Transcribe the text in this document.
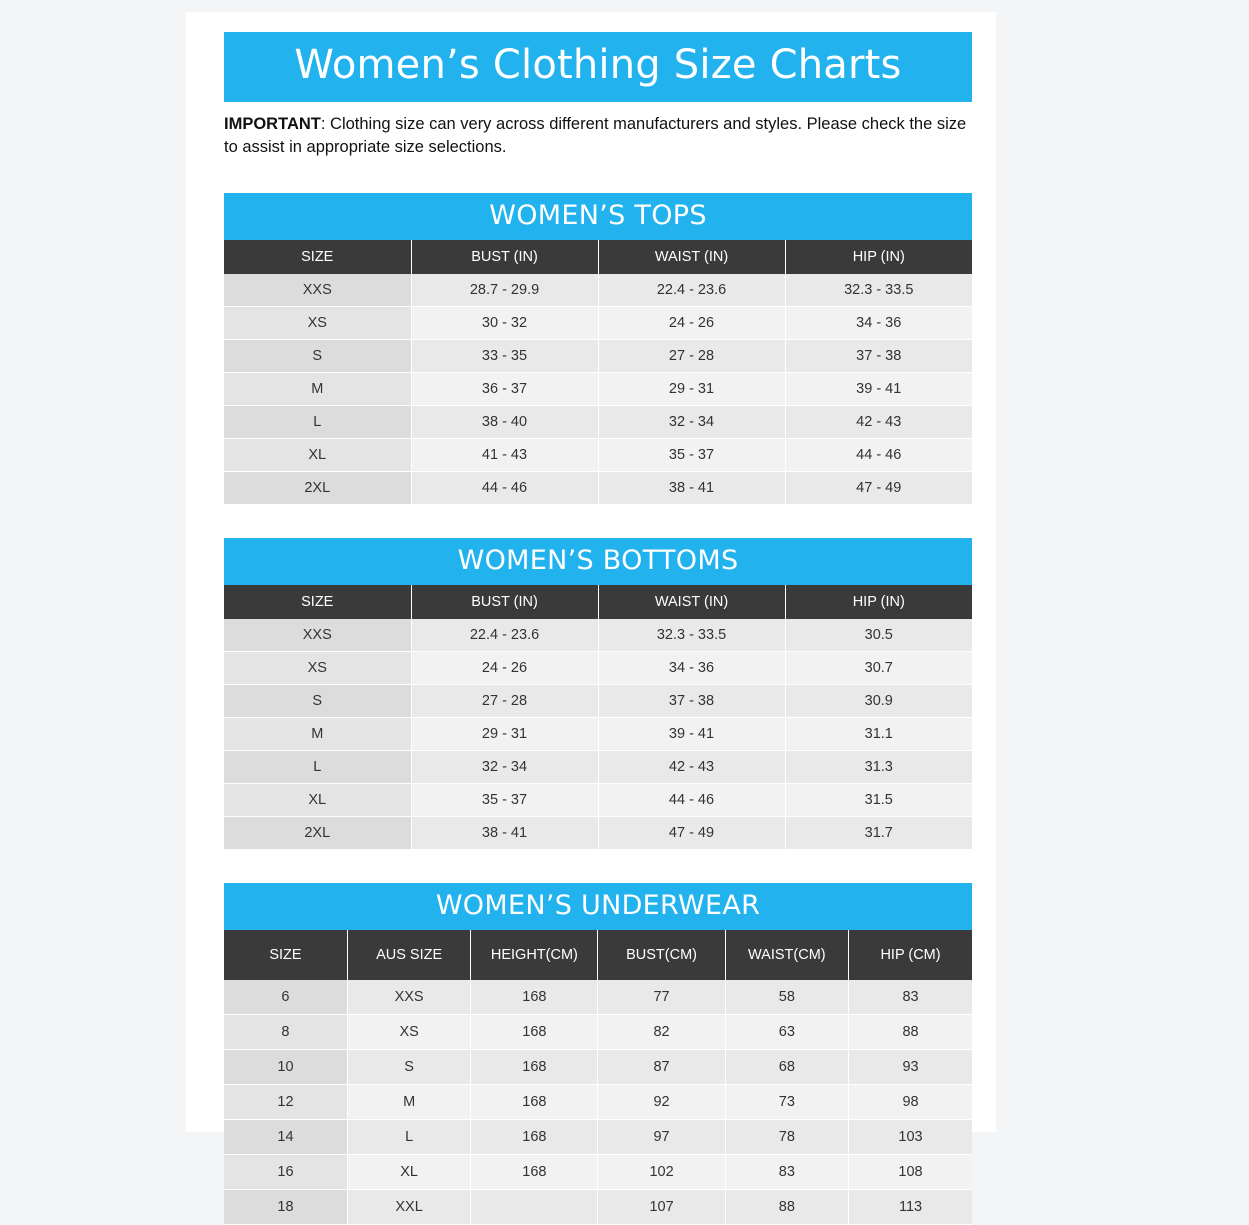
Women’s Clothing Size Charts
IMPORTANT: Clothing size can very across different manufacturers and styles. Please check the size to assist in appropriate size selections.
WOMEN’S TOPS
SIZE	BUST (IN)	WAIST (IN)	HIP (IN)
XXS	28.7 - 29.9	22.4 - 23.6	32.3 - 33.5
XS	30 - 32	24 - 26	34 - 36
S	33 - 35	27 - 28	37 - 38
M	36 - 37	29 - 31	39 - 41
L	38 - 40	32 - 34	42 - 43
XL	41 - 43	35 - 37	44 - 46
2XL	44 - 46	38 - 41	47 - 49
WOMEN’S BOTTOMS
SIZE	BUST (IN)	WAIST (IN)	HIP (IN)
XXS	22.4 - 23.6	32.3 - 33.5	30.5
XS	24 - 26	34 - 36	30.7
S	27 - 28	37 - 38	30.9
M	29 - 31	39 - 41	31.1
L	32 - 34	42 - 43	31.3
XL	35 - 37	44 - 46	31.5
2XL	38 - 41	47 - 49	31.7
WOMEN’S UNDERWEAR
SIZE	AUS SIZE	HEIGHT(CM)	BUST(CM)	WAIST(CM)	HIP (CM)
6	XXS	168	77	58	83
8	XS	168	82	63	88
10	S	168	87	68	93
12	M	168	92	73	98
14	L	168	97	78	103
16	XL	168	102	83	108
18	XXL		107	88	113
